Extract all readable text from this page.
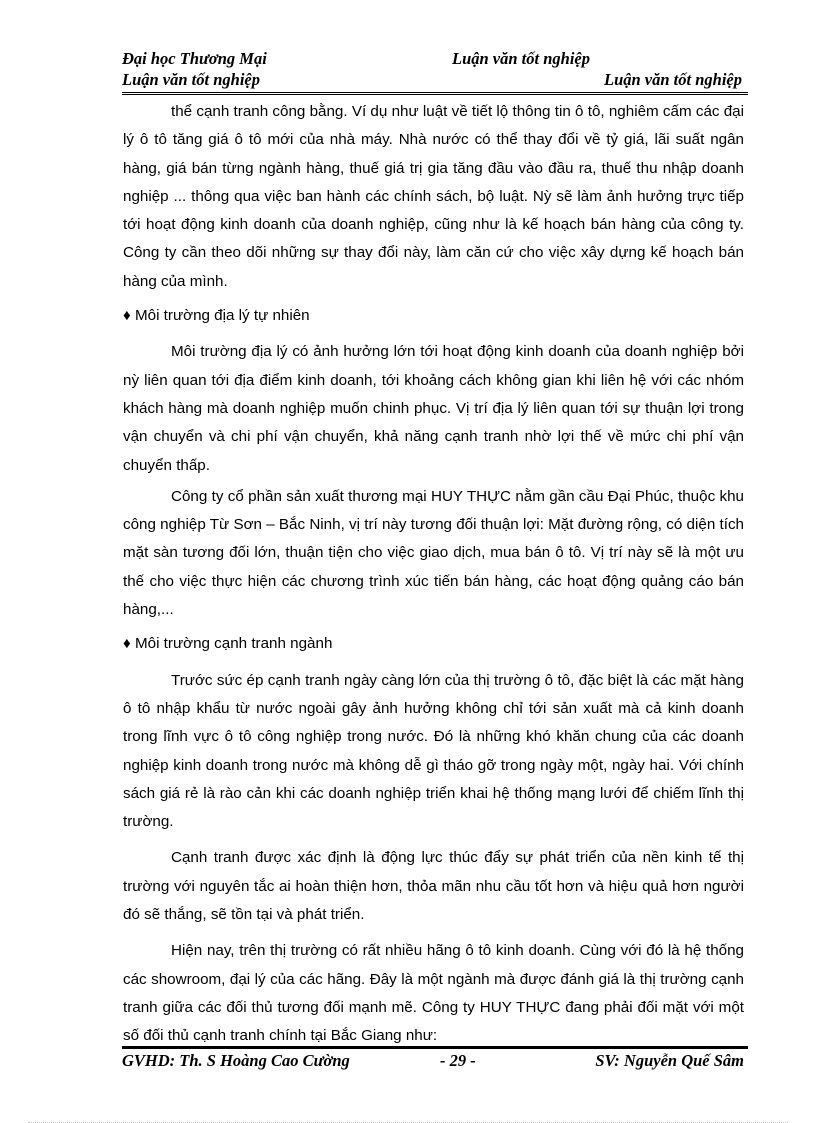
Đại học Thương Mại	Luận văn tốt nghiệp
Luận văn tốt nghiệp	Luận văn tốt nghiệp

thể cạnh tranh công bằng. Ví dụ như luật về tiết lộ thông tin ô tô, nghiêm cấm các đại lý ô tô tăng giá ô tô mới của nhà máy. Nhà nước có thể thay đổi về tỷ giá, lãi suất ngân hàng, giá bán từng ngành hàng, thuế giá trị gia tăng đầu vào đầu ra, thuế thu nhập doanh nghiệp ... thông qua việc ban hành các chính sách, bộ luật. Nỳ sẽ làm ảnh hưởng trực tiếp tới hoạt động kinh doanh của doanh nghiệp, cũng như là kế hoạch bán hàng của công ty. Công ty cần theo dõi những sự thay đổi này, làm căn cứ cho việc xây dựng kế hoạch bán hàng của mình.

♦ Môi trường địa lý tự nhiên

Môi trường địa lý có ảnh hưởng lớn tới hoạt động kinh doanh của doanh nghiệp bởi nỳ liên quan tới địa điểm kinh doanh, tới khoảng cách không gian khi liên hệ với các nhóm khách hàng mà doanh nghiệp muốn chinh phục. Vị trí địa lý liên quan tới sự thuận lợi trong vận chuyển và chi phí vận chuyển, khả năng cạnh tranh nhờ lợi thế về mức chi phí vận chuyển thấp.

Công ty cổ phần sản xuất thương mại HUY THỰC nằm gần cầu Đại Phúc, thuộc khu công nghiệp Từ Sơn – Bắc Ninh, vị trí này tương đối thuận lợi: Mặt đường rộng, có diện tích mặt sàn tương đối lớn, thuận tiện cho việc giao dịch, mua bán ô tô. Vị trí này sẽ là một ưu thế cho việc thực hiện các chương trình xúc tiến bán hàng, các hoạt động quảng cáo bán hàng,...

♦ Môi trường cạnh tranh ngành

Trước sức ép cạnh tranh ngày càng lớn của thị trường ô tô, đặc biệt là các mặt hàng ô tô nhập khẩu từ nước ngoài gây ảnh hưởng không chỉ tới sản xuất mà cả kinh doanh trong lĩnh vực ô tô công nghiệp trong nước. Đó là những khó khăn chung của các doanh nghiệp kinh doanh trong nước mà không dễ gì tháo gỡ trong ngày một, ngày hai. Với chính sách giá rẻ là rào cản khi các doanh nghiệp triển khai hệ thống mạng lưới để chiếm lĩnh thị trường.

Cạnh tranh được xác định là động lực thúc đẩy sự phát triển của nền kinh tế thị trường với nguyên tắc ai hoàn thiện hơn, thỏa mãn nhu cầu tốt hơn và hiệu quả hơn người đó sẽ thắng, sẽ tồn tại và phát triển.

Hiện nay, trên thị trường có rất nhiều hãng ô tô kinh doanh. Cùng với đó là hệ thống các showroom, đại lý của các hãng. Đây là một ngành mà được đánh giá là thị trường cạnh tranh giữa các đối thủ tương đối mạnh mẽ. Công ty HUY THỰC đang phải đối mặt với một số đối thủ cạnh tranh chính tại Bắc Giang như:

GVHD: Th. S Hoàng Cao Cường	- 29 -	SV: Nguyễn Quế Sâm
